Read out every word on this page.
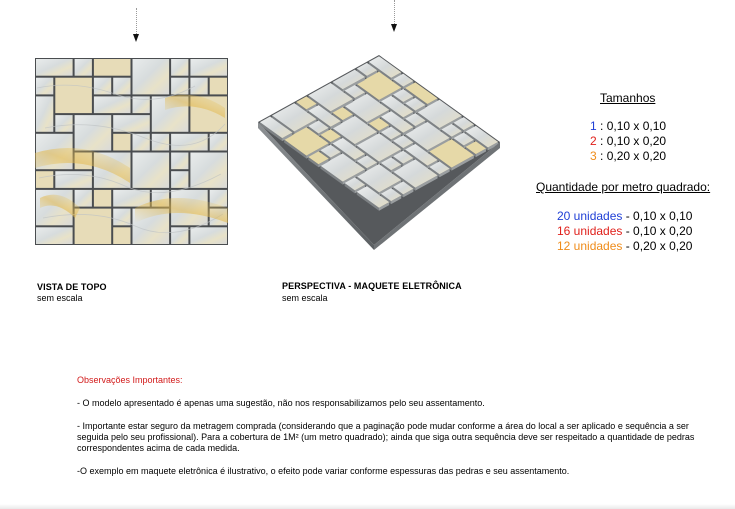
VISTA DE TOPO
sem escala
PERSPECTIVA - MAQUETE ELETRÔNICA
sem escala
Tamanhos
1 : 0,10 x 0,10
2 : 0,10 x 0,20
3 : 0,20 x 0,20
Quantidade por metro quadrado:
20 unidades - 0,10 x 0,10
16 unidades - 0,10 x 0,20
12 unidades - 0,20 x 0,20

Observações Importantes:

- O modelo apresentado é apenas uma sugestão, não nos responsabilizamos pelo seu assentamento.

- Importante estar seguro da metragem comprada (considerando que a paginação pode mudar conforme a área do local a ser aplicado e sequência a ser seguida pelo seu profissional). Para a cobertura de 1M² (um metro quadrado); ainda que siga outra sequência deve ser respeitado a quantidade de pedras correspondentes acima de cada medida.

-O exemplo em maquete eletrônica é ilustrativo, o efeito pode variar conforme espessuras das pedras e seu assentamento.
